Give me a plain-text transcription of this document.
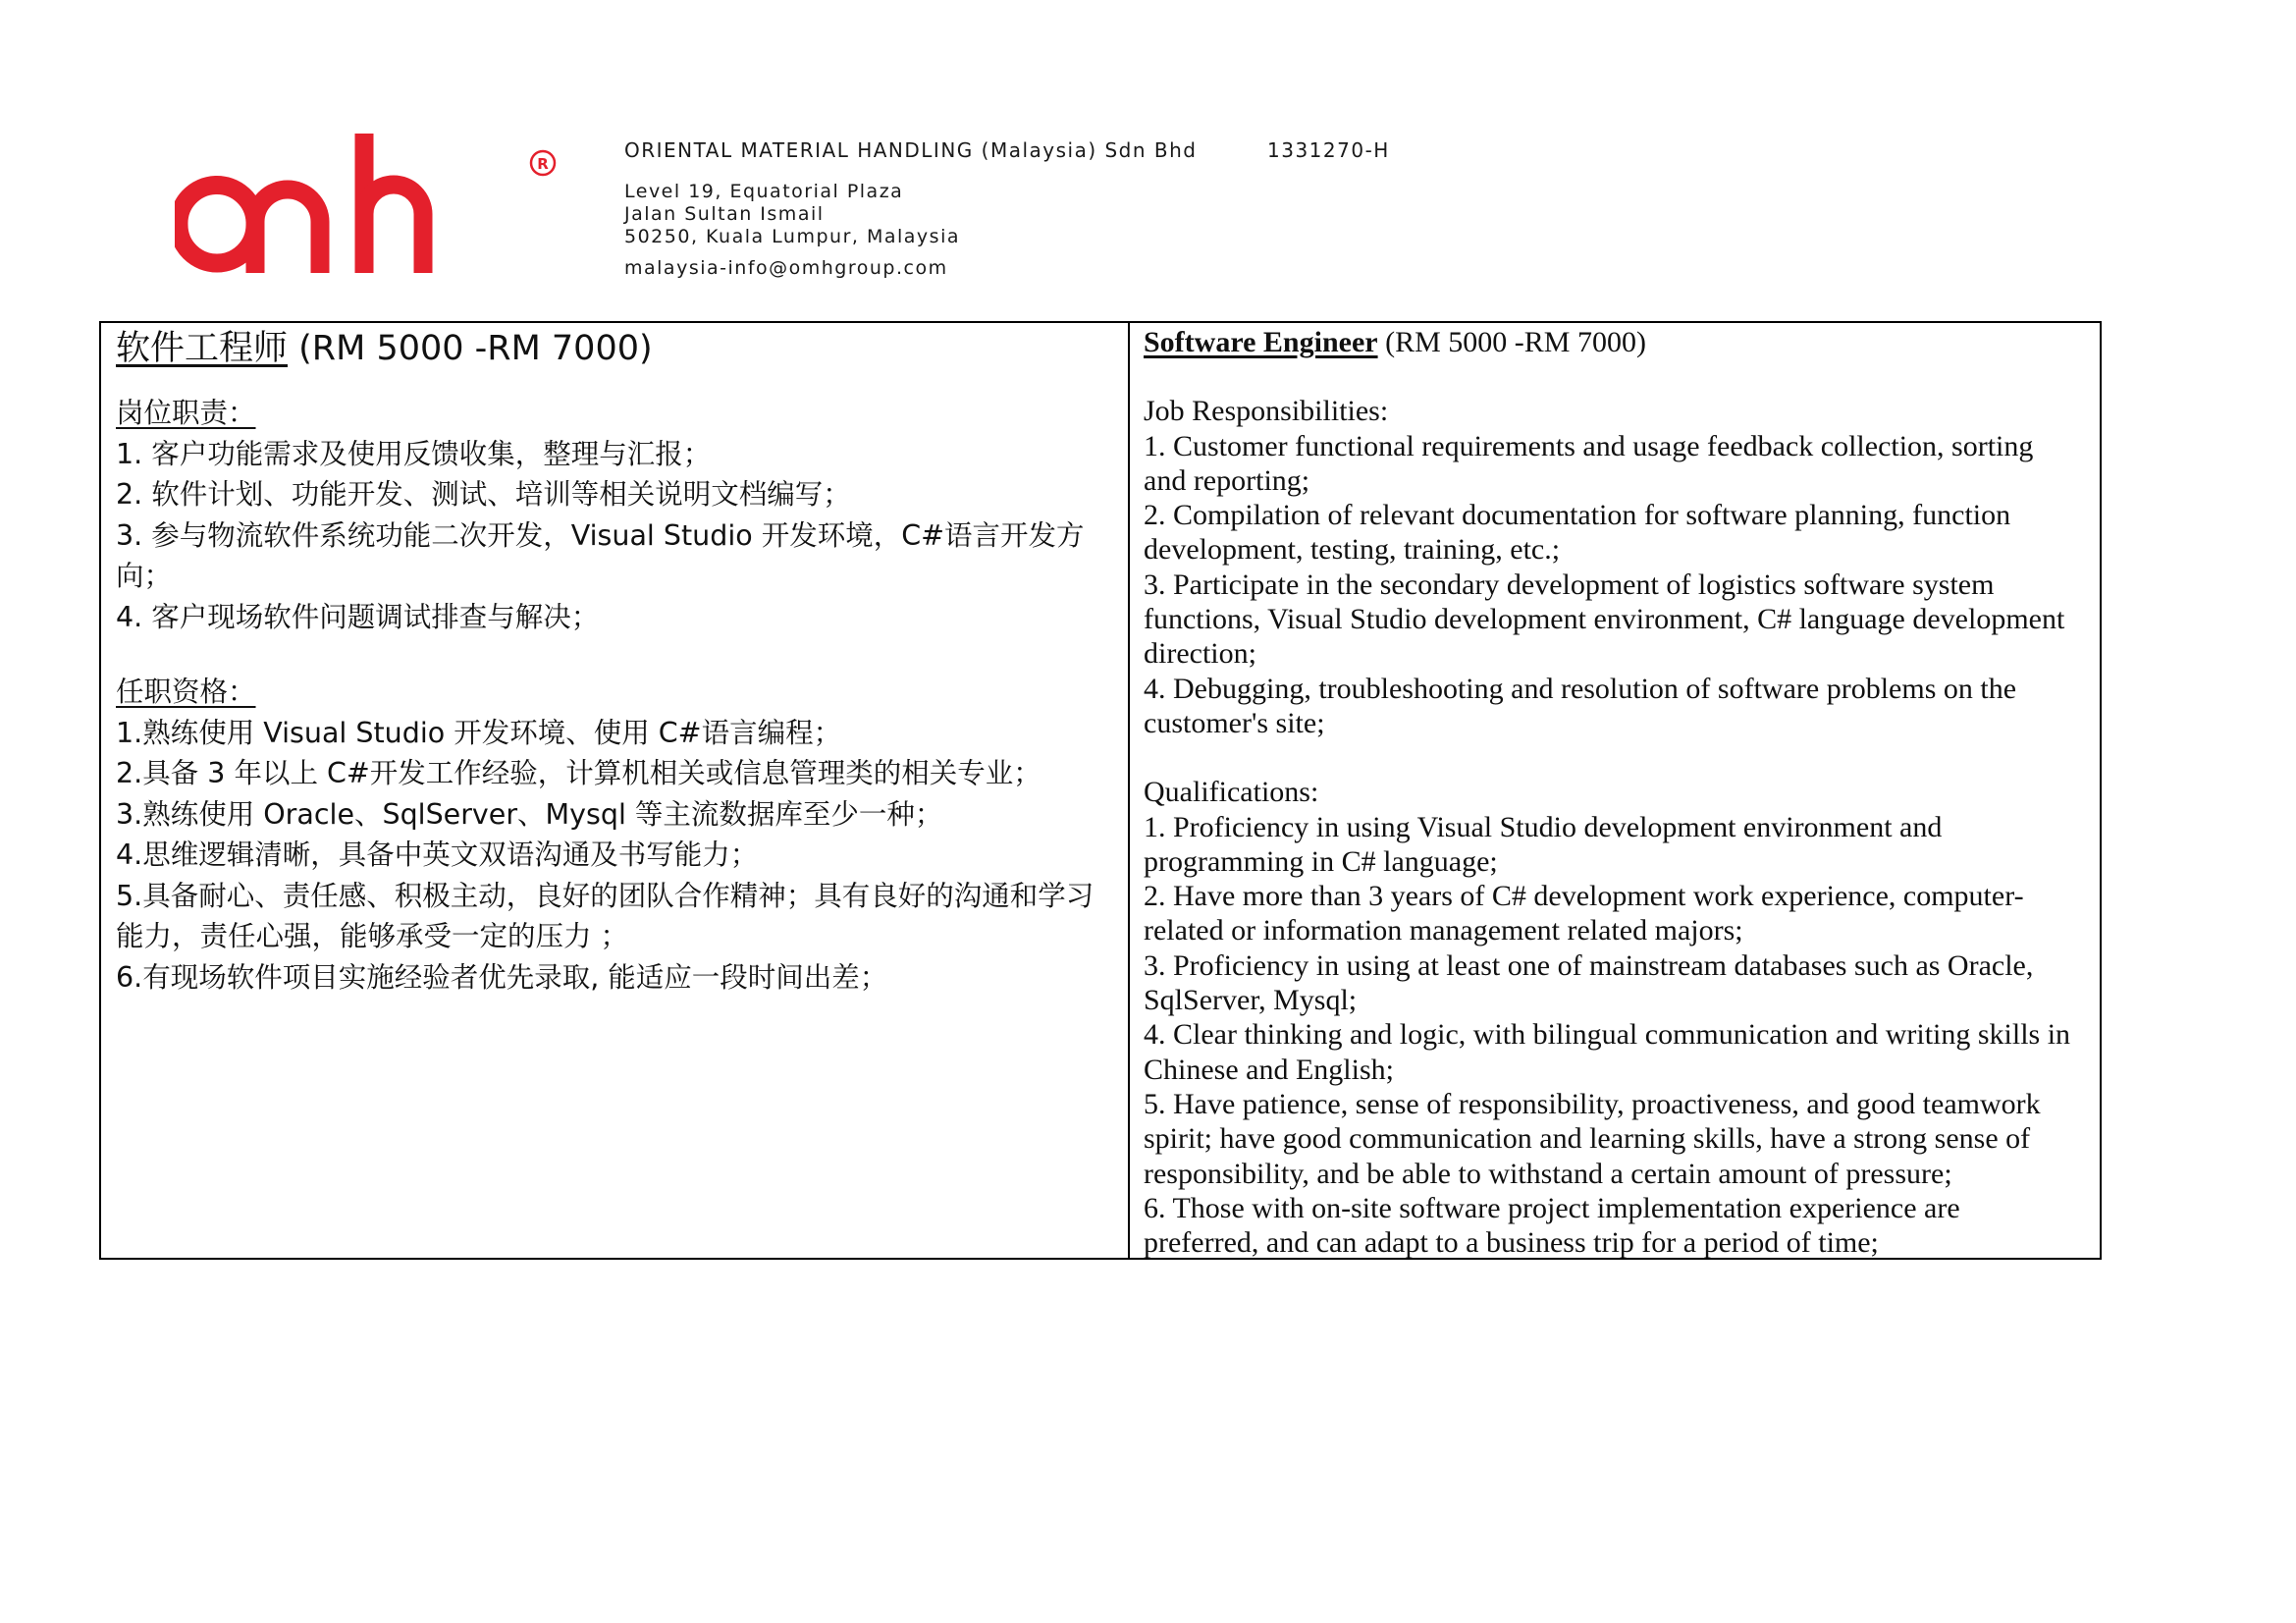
R
ORIENTAL MATERIAL HANDLING (Malaysia) Sdn Bhd	1331270-H
Level 19, Equatorial Plaza
Jalan Sultan Ismail
50250, Kuala Lumpur, Malaysia
malaysia-info@omhgroup.com
软件工程师 (RM 5000 -RM 7000)
岗位职责：

1. 客户功能需求及使用反馈收集，整理与汇报；

2. 软件计划、功能开发、测试、培训等相关说明文档编写；

3. 参与物流软件系统功能二次开发，Visual Studio 开发环境，C#语言开发方向；

4. 客户现场软件问题调试排查与解决；

任职资格：

1.熟练使用 Visual Studio 开发环境、使用 C#语言编程；

2.具备 3 年以上 C#开发工作经验，计算机相关或信息管理类的相关专业；

3.熟练使用 Oracle、SqlServer、Mysql 等主流数据库至少一种；

4.思维逻辑清晰，具备中英文双语沟通及书写能力；

5.具备耐心、责任感、积极主动，良好的团队合作精神；具有良好的沟通和学习能力，责任心强，能够承受一定的压力 ；

6.有现场软件项目实施经验者优先录取, 能适应一段时间出差；

Software Engineer (RM 5000 -RM 7000)
Job Responsibilities:

1. Customer functional requirements and usage feedback collection, sorting and reporting;

2. Compilation of relevant documentation for software planning, function development, testing, training, etc.;

3. Participate in the secondary development of logistics software system functions, Visual Studio development environment, C# language development direction;

4. Debugging, troubleshooting and resolution of software problems on the customer's site;

Qualifications:

1. Proficiency in using Visual Studio development environment and programming in C# language;

2. Have more than 3 years of C# development work experience, computer-related or information management related majors;

3. Proficiency in using at least one of mainstream databases such as Oracle, SqlServer, Mysql;

4. Clear thinking and logic, with bilingual communication and writing skills in Chinese and English;

5. Have patience, sense of responsibility, proactiveness, and good teamwork spirit; have good communication and learning skills, have a strong sense of responsibility, and be able to withstand a certain amount of pressure;

6. Those with on-site software project implementation experience are preferred, and can adapt to a business trip for a period of time;
